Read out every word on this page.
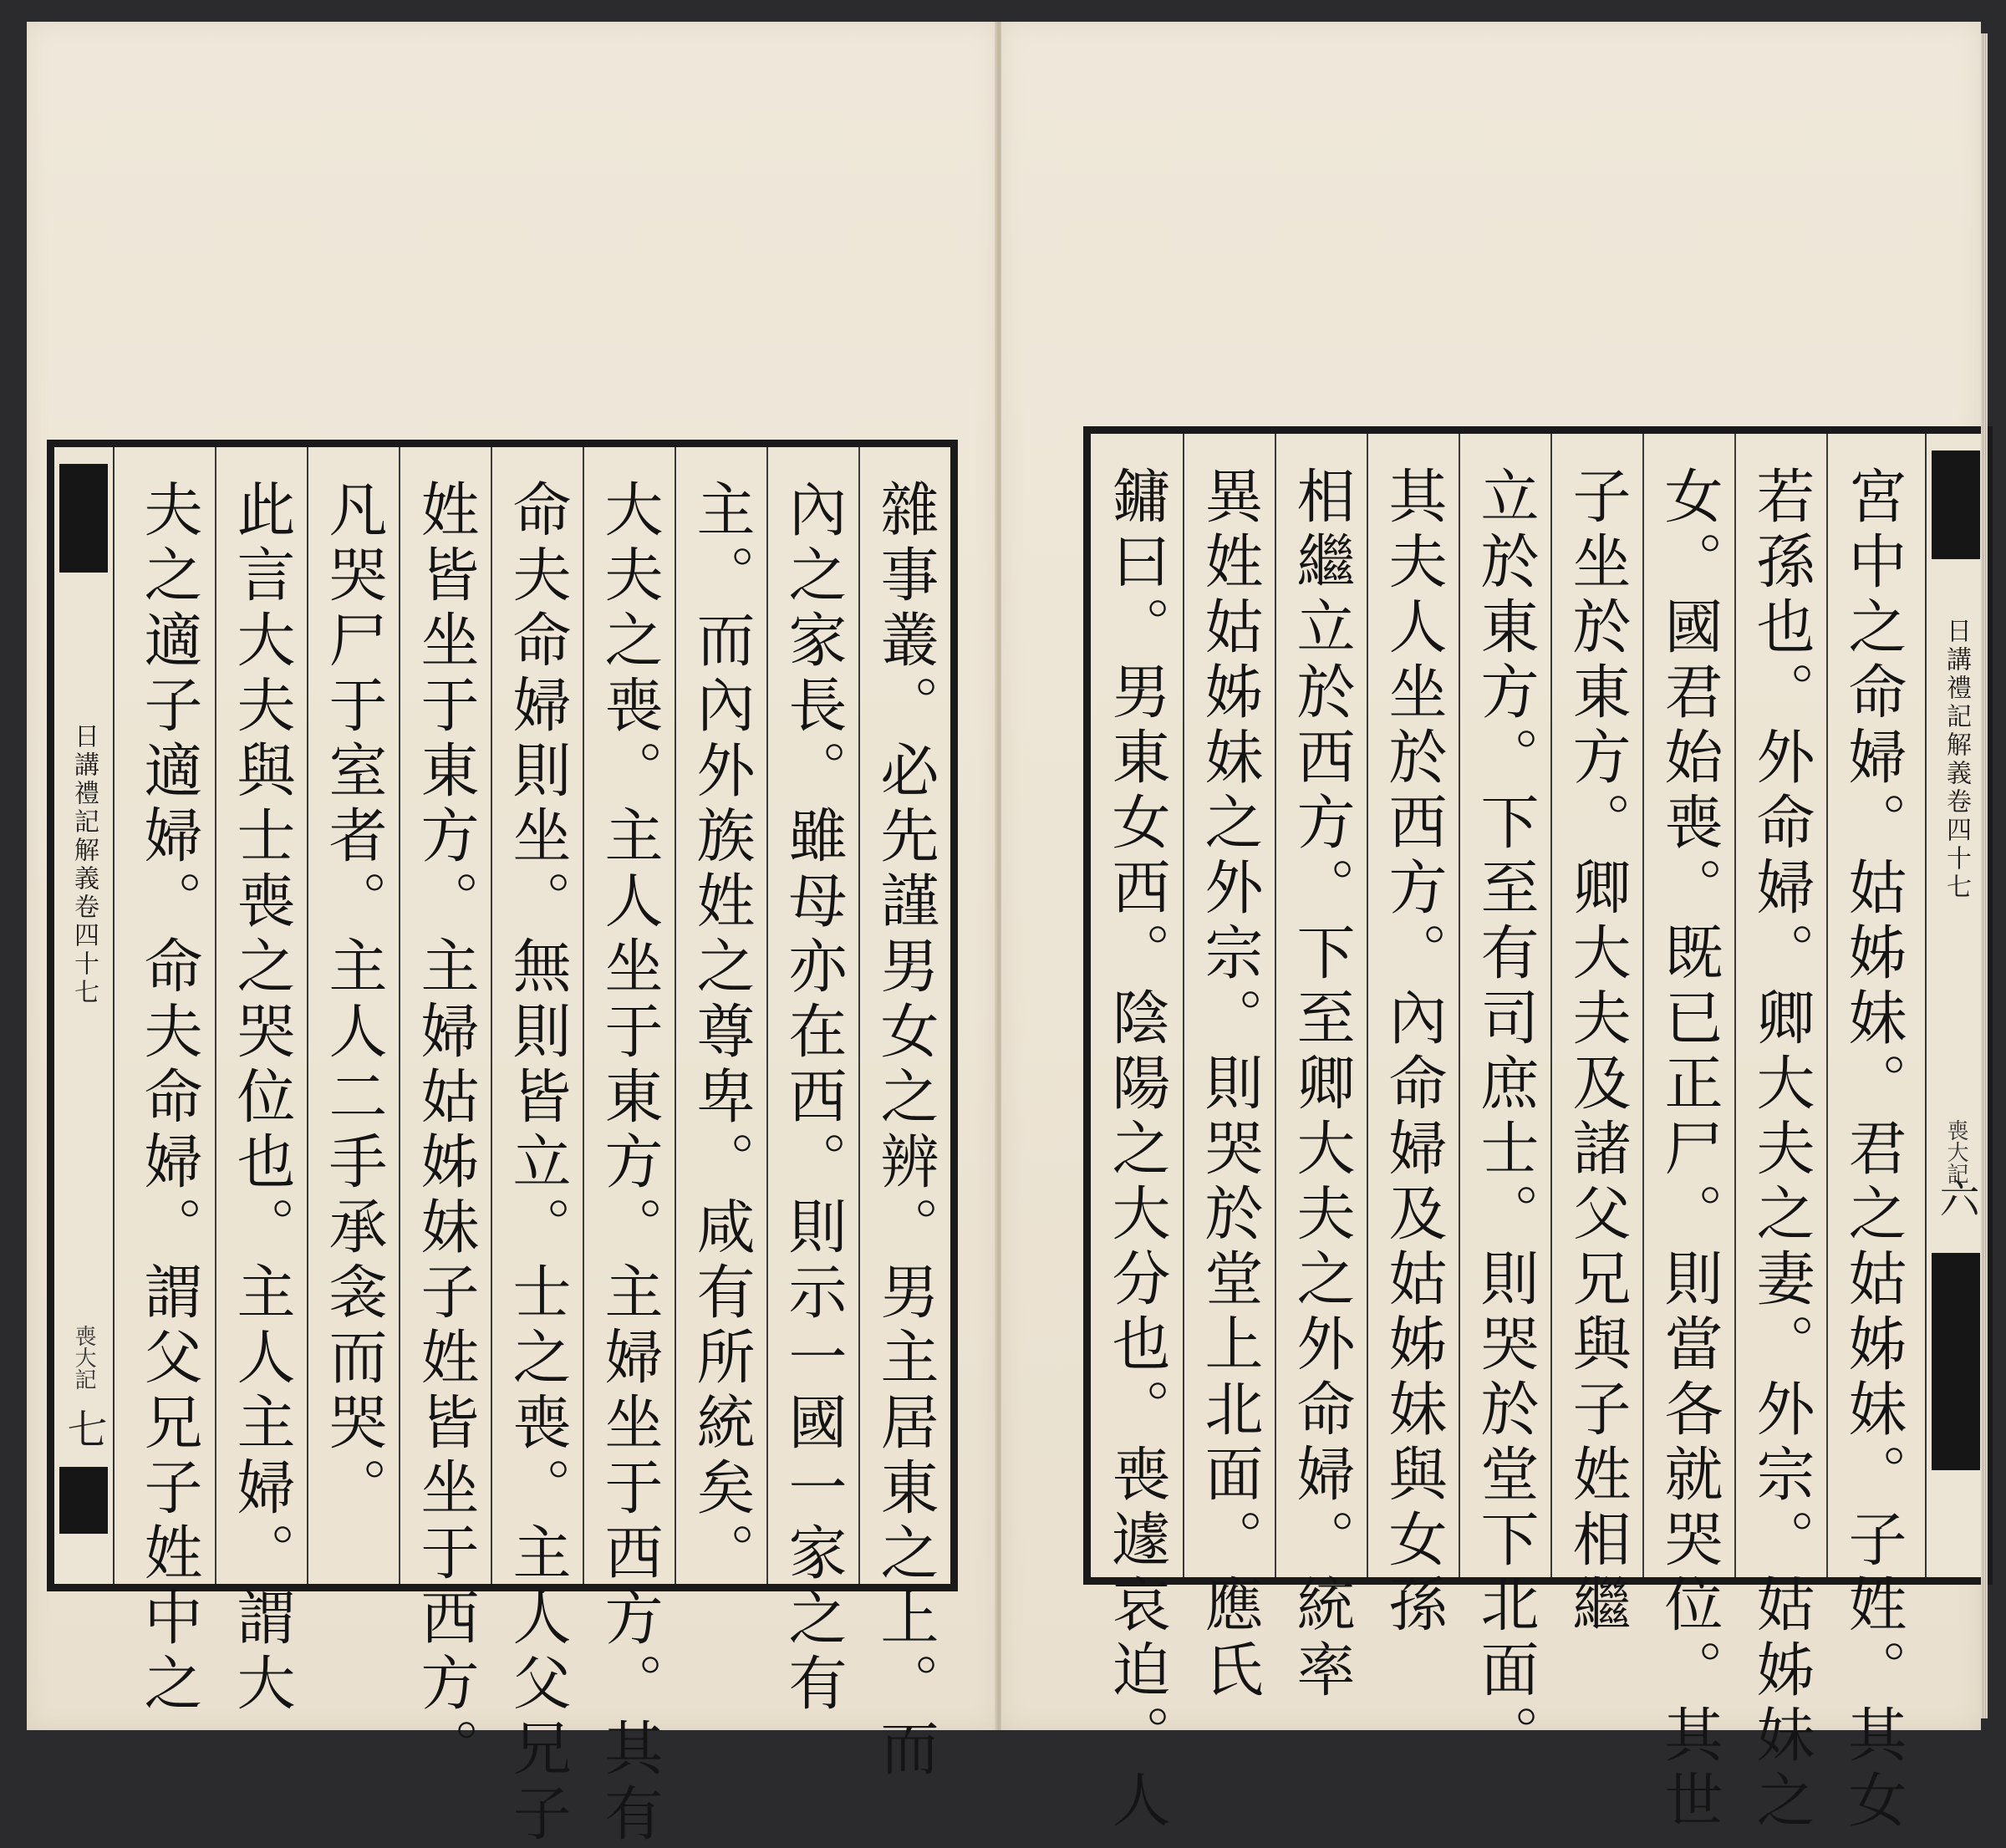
日講禮記解義卷四十七
喪大記
七	雜事叢。必先謹男女之辨。男主居東之上。而
內之家長。雖母亦在西。則示一國一家之有
主。而內外族姓之尊卑。咸有所統矣。
大夫之喪。主人坐于東方。主婦坐于西方。其有
命夫命婦則坐。無則皆立。士之喪。主人父兄子
姓皆坐于東方。主婦姑姊妹子姓皆坐于西方。
凡哭尸于室者。主人二手承衾而哭。
此言大夫與士喪之哭位也。主人主婦。謂大
夫之適子適婦。命夫命婦。謂父兄子姓中之	宮中之命婦。姑姊妹。君之姑姊妹。子姓。其女
若孫也。外命婦。卿大夫之妻。外宗。姑姊妹之
女。國君始喪。既已正尸。則當各就哭位。其世
子坐於東方。卿大夫及諸父兄與子姓相繼
立於東方。下至有司庶士。則哭於堂下北面。
其夫人坐於西方。內命婦及姑姊妹與女孫
相繼立於西方。下至卿大夫之外命婦。統率
異姓姑姊妹之外宗。則哭於堂上北面。應氏
鏞曰。男東女西。陰陽之大分也。喪遽哀迫。人	日講禮記解義卷四十七
喪大記
六
